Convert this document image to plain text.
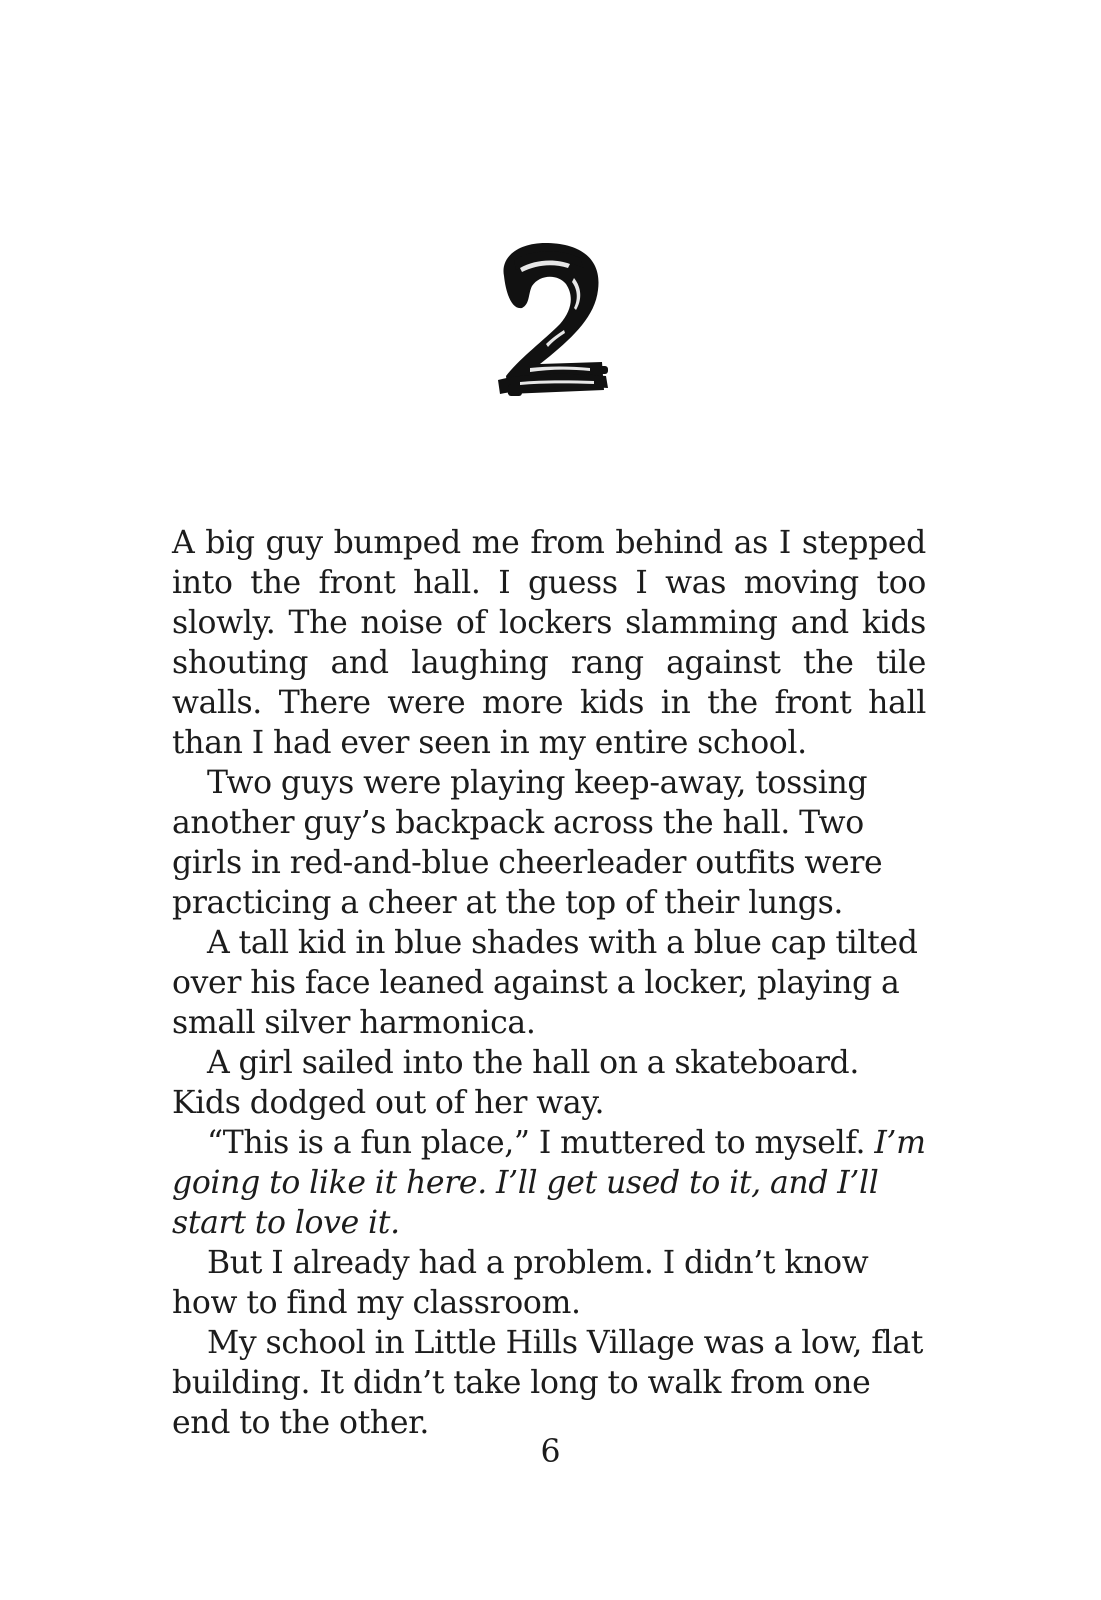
A big guy bumped me from behind as I stepped into the front hall. I guess I was moving too slowly. The noise of lockers slamming and kids shouting and laughing rang against the tile walls. There were more kids in the front hall than I had ever seen in my entire school.

Two guys were playing keep-away, tossing another guy’s backpack across the hall. Two girls in red-and-blue cheerleader outfits were practicing a cheer at the top of their lungs.

A tall kid in blue shades with a blue cap tilted over his face leaned against a locker, playing a small silver harmonica.

A girl sailed into the hall on a skateboard. Kids dodged out of her way.

“This is a fun place,” I muttered to myself. I’m going to like it here. I’ll get used to it, and I’ll start to love it.

But I already had a problem. I didn’t know how to find my classroom.

My school in Little Hills Village was a low, flat building. It didn’t take long to walk from one end to the other.

6
